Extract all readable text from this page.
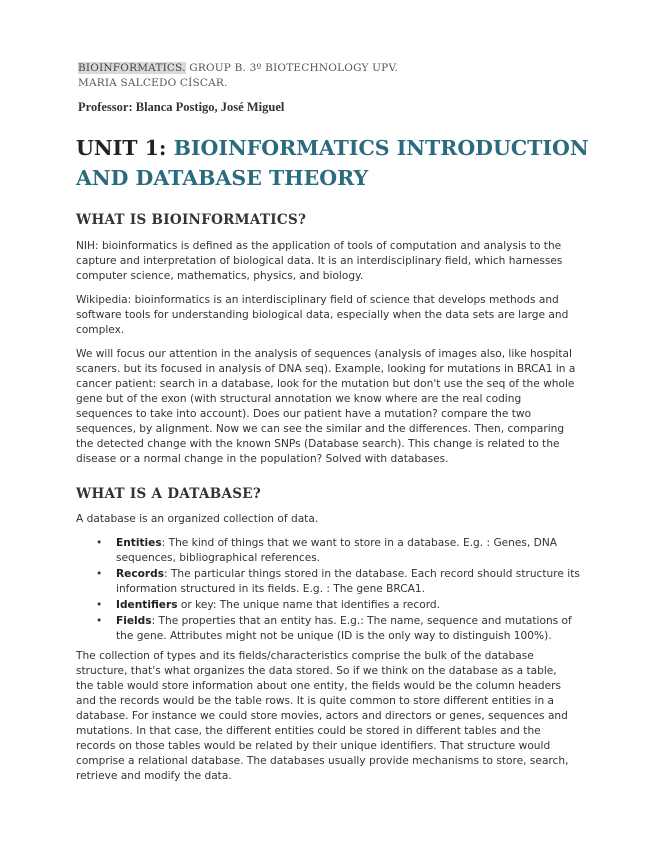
BIOINFORMATICS. GROUP B. 3º BIOTECHNOLOGY UPV.
MARIA SALCEDO CÍSCAR.
Professor: Blanca Postigo, José Miguel
UNIT 1: BIOINFORMATICS INTRODUCTION AND DATABASE THEORY
WHAT IS BIOINFORMATICS?
NIH: bioinformatics is defined as the application of tools of computation and analysis to the capture and interpretation of biological data. It is an interdisciplinary field, which harnesses computer science, mathematics, physics, and biology.
Wikipedia: bioinformatics is an interdisciplinary field of science that develops methods and software tools for understanding biological data, especially when the data sets are large and complex.
We will focus our attention in the analysis of sequences (analysis of images also, like hospital scaners. but its focused in analysis of DNA seq). Example, looking for mutations in BRCA1 in a cancer patient: search in a database, look for the mutation but don't use the seq of the whole gene but of the exon (with structural annotation we know where are the real coding sequences to take into account). Does our patient have a mutation? compare the two sequences, by alignment. Now we can see the similar and the differences. Then, comparing the detected change with the known SNPs (Database search). This change is related to the disease or a normal change in the population? Solved with databases.
WHAT IS A DATABASE?
A database is an organized collection of data.
• Entities: The kind of things that we want to store in a database. E.g. : Genes, DNA sequences, bibliographical references.
• Records: The particular things stored in the database. Each record should structure its information structured in its fields. E.g. : The gene BRCA1.
• Identifiers or key: The unique name that identifies a record.
• Fields: The properties that an entity has. E.g.: The name, sequence and mutations of the gene. Attributes might not be unique (ID is the only way to distinguish 100%).
The collection of types and its fields/characteristics comprise the bulk of the database structure, that's what organizes the data stored. So if we think on the database as a table, the table would store information about one entity, the fields would be the column headers and the records would be the table rows. It is quite common to store different entities in a database. For instance we could store movies, actors and directors or genes, sequences and mutations. In that case, the different entities could be stored in different tables and the records on those tables would be related by their unique identifiers. That structure would comprise a relational database. The databases usually provide mechanisms to store, search, retrieve and modify the data.
